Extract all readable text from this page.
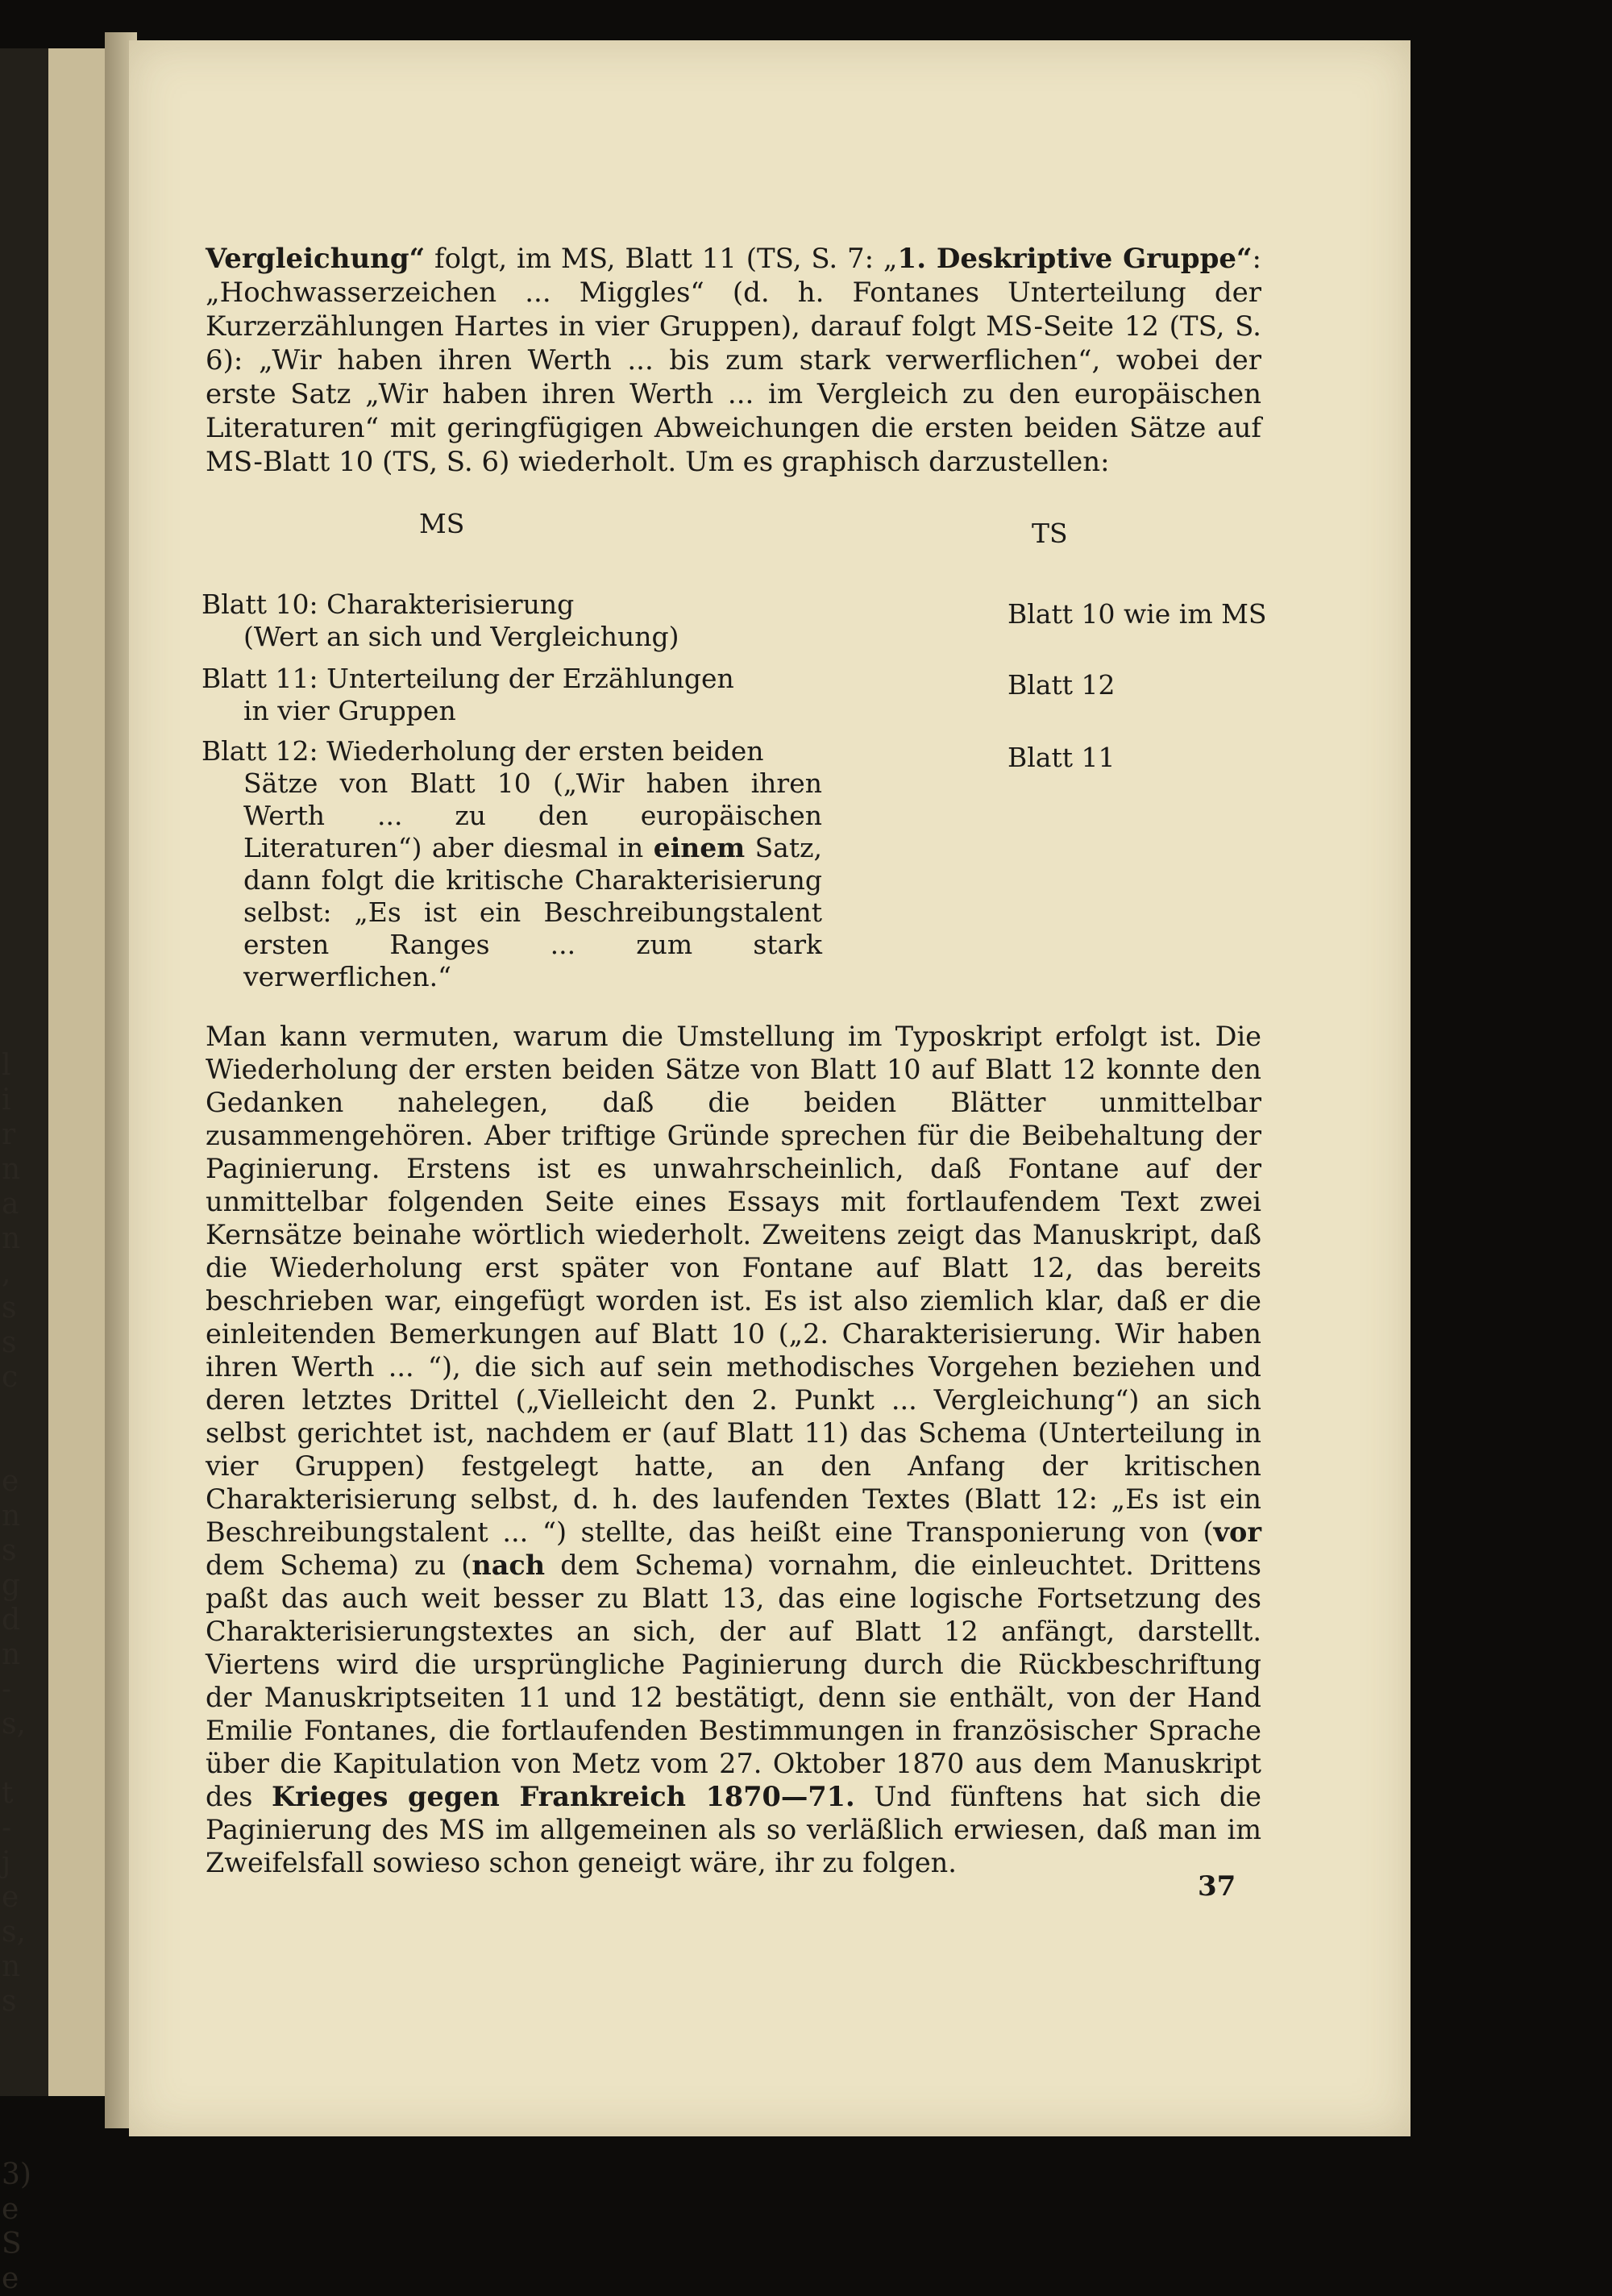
l
i
r
n
a
n
,
s
s
c
e
n
s
g
d
n
-
s,
t
-
j
e
s,
n
s
3)
e
S
e
Vergleichung“ folgt, im MS, Blatt 11 (TS, S. 7: „1. Deskriptive Gruppe“: „Hochwasserzeichen ... Miggles“ (d. h. Fontanes Unterteilung der Kurzerzählungen Hartes in vier Gruppen), darauf folgt MS-Seite 12 (TS, S. 6): „Wir haben ihren Werth ... bis zum stark verwerflichen“, wobei der erste Satz „Wir haben ihren Werth ... im Vergleich zu den europäischen Literaturen“ mit geringfügigen Abweichungen die ersten beiden Sätze auf MS-Blatt 10 (TS, S. 6) wiederholt. Um es graphisch darzustellen:
MS	TS
Blatt 10: Charakterisierung
(Wert an sich und Vergleichung)
Blatt 11: Unterteilung der Erzählungen
in vier Gruppen
Blatt 12: Wiederholung der ersten beiden
Sätze von Blatt 10 („Wir haben ihren Werth ... zu den europäischen Literaturen“) aber diesmal in einem Satz, dann folgt die kritische Charakterisierung selbst: „Es ist ein Beschreibungstalent ersten Ranges ... zum stark verwerflichen.“
Blatt 10 wie im MS
Blatt 12
Blatt 11
Man kann vermuten, warum die Umstellung im Typoskript erfolgt ist. Die Wiederholung der ersten beiden Sätze von Blatt 10 auf Blatt 12 konnte den Gedanken nahelegen, daß die beiden Blätter unmittelbar zusammengehören. Aber triftige Gründe sprechen für die Beibehaltung der Paginierung. Erstens ist es unwahrscheinlich, daß Fontane auf der unmittelbar folgenden Seite eines Essays mit fortlaufendem Text zwei Kernsätze beinahe wörtlich wiederholt. Zweitens zeigt das Manuskript, daß die Wiederholung erst später von Fontane auf Blatt 12, das bereits beschrieben war, eingefügt worden ist. Es ist also ziemlich klar, daß er die einleitenden Bemerkungen auf Blatt 10 („2. Charakterisierung. Wir haben ihren Werth ... “), die sich auf sein methodisches Vorgehen beziehen und deren letztes Drittel („Vielleicht den 2. Punkt ... Vergleichung“) an sich selbst gerichtet ist, nachdem er (auf Blatt 11) das Schema (Unterteilung in vier Gruppen) festgelegt hatte, an den Anfang der kritischen Charakterisierung selbst, d. h. des laufenden Textes (Blatt 12: „Es ist ein Beschreibungstalent ... “) stellte, das heißt eine Transponierung von (vor dem Schema) zu (nach dem Schema) vornahm, die einleuchtet. Drittens paßt das auch weit besser zu Blatt 13, das eine logische Fortsetzung des Charakterisierungstextes an sich, der auf Blatt 12 anfängt, darstellt. Viertens wird die ursprüngliche Paginierung durch die Rückbeschriftung der Manuskriptseiten 11 und 12 bestätigt, denn sie enthält, von der Hand Emilie Fontanes, die fortlaufenden Bestimmungen in französischer Sprache über die Kapitulation von Metz vom 27. Oktober 1870 aus dem Manuskript des Krieges gegen Frankreich 1870—71. Und fünftens hat sich die Paginierung des MS im allgemeinen als so verläßlich erwiesen, daß man im Zweifelsfall sowieso schon geneigt wäre, ihr zu folgen.
37
